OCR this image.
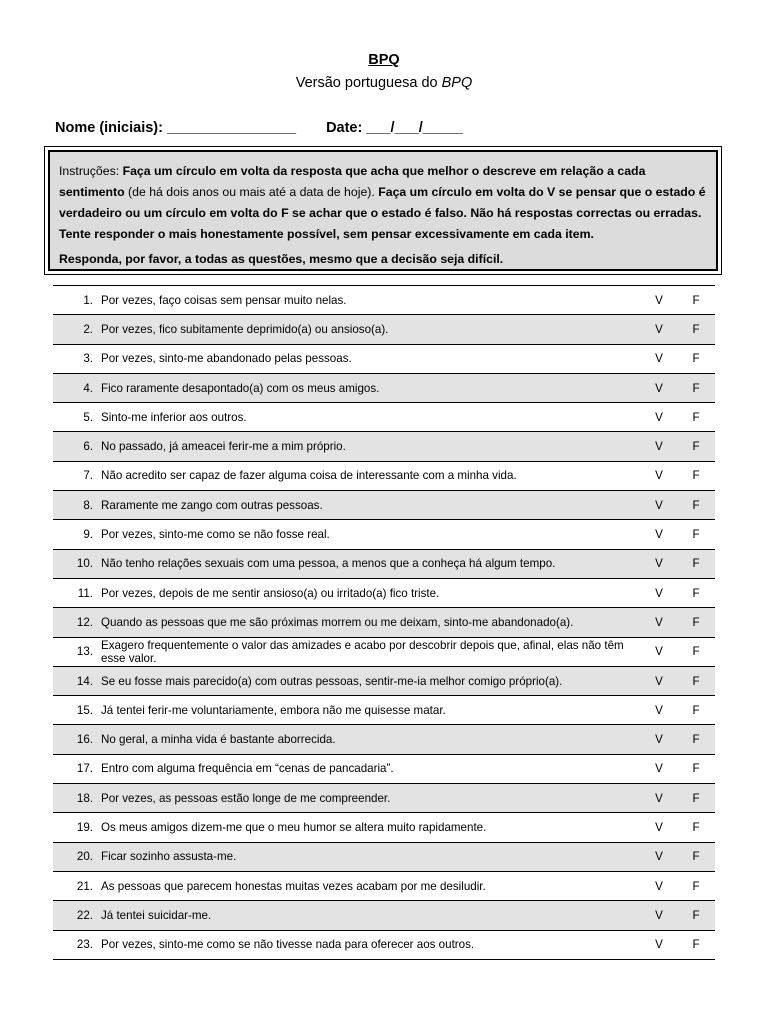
BPQ
Versão portuguesa do BPQ
Nome (iniciais): ________________ Date: ___/___/_____

Instruções: Faça um círculo em volta da resposta que acha que melhor o descreve em relação a cada sentimento (de há dois anos ou mais até a data de hoje). Faça um círculo em volta do V se pensar que o estado é verdadeiro ou um círculo em volta do F se achar que o estado é falso. Não há respostas correctas ou erradas. Tente responder o mais honestamente possível, sem pensar excessivamente em cada item.

Responda, por favor, a todas as questões, mesmo que a decisão seja difícil.

1.	Por vezes, faço coisas sem pensar muito nelas.	V		F	
2.	Por vezes, fico subitamente deprimido(a) ou ansioso(a).	V		F	
3.	Por vezes, sinto-me abandonado pelas pessoas.	V		F	
4.	Fico raramente desapontado(a) com os meus amigos.	V		F	
5.	Sinto-me inferior aos outros.	V		F	
6.	No passado, já ameacei ferir-me a mim próprio.	V		F	
7.	Não acredito ser capaz de fazer alguma coisa de interessante com a minha vida.	V		F	
8.	Raramente me zango com outras pessoas.	V		F	
9.	Por vezes, sinto-me como se não fosse real.	V		F	
10.	Não tenho relações sexuais com uma pessoa, a menos que a conheça há algum tempo.	V		F	
11.	Por vezes, depois de me sentir ansioso(a) ou irritado(a) fico triste.	V		F	
12.	Quando as pessoas que me são próximas morrem ou me deixam, sinto-me abandonado(a).	V		F	
13.	Exagero frequentemente o valor das amizades e acabo por descobrir depois que, afinal, elas não têm esse valor.	V		F	
14.	Se eu fosse mais parecido(a) com outras pessoas, sentir-me-ia melhor comigo próprio(a).	V		F	
15.	Já tentei ferir-me voluntariamente, embora não me quisesse matar.	V		F	
16.	No geral, a minha vida é bastante aborrecida.	V		F	
17.	Entro com alguma frequência em “cenas de pancadaria”.	V		F	
18.	Por vezes, as pessoas estão longe de me compreender.	V		F	
19.	Os meus amigos dizem-me que o meu humor se altera muito rapidamente.	V		F	
20.	Ficar sozinho assusta-me.	V		F	
21.	As pessoas que parecem honestas muitas vezes acabam por me desiludir.	V		F	
22.	Já tentei suicidar-me.	V		F	
23.	Por vezes, sinto-me como se não tivesse nada para oferecer aos outros.	V		F	
